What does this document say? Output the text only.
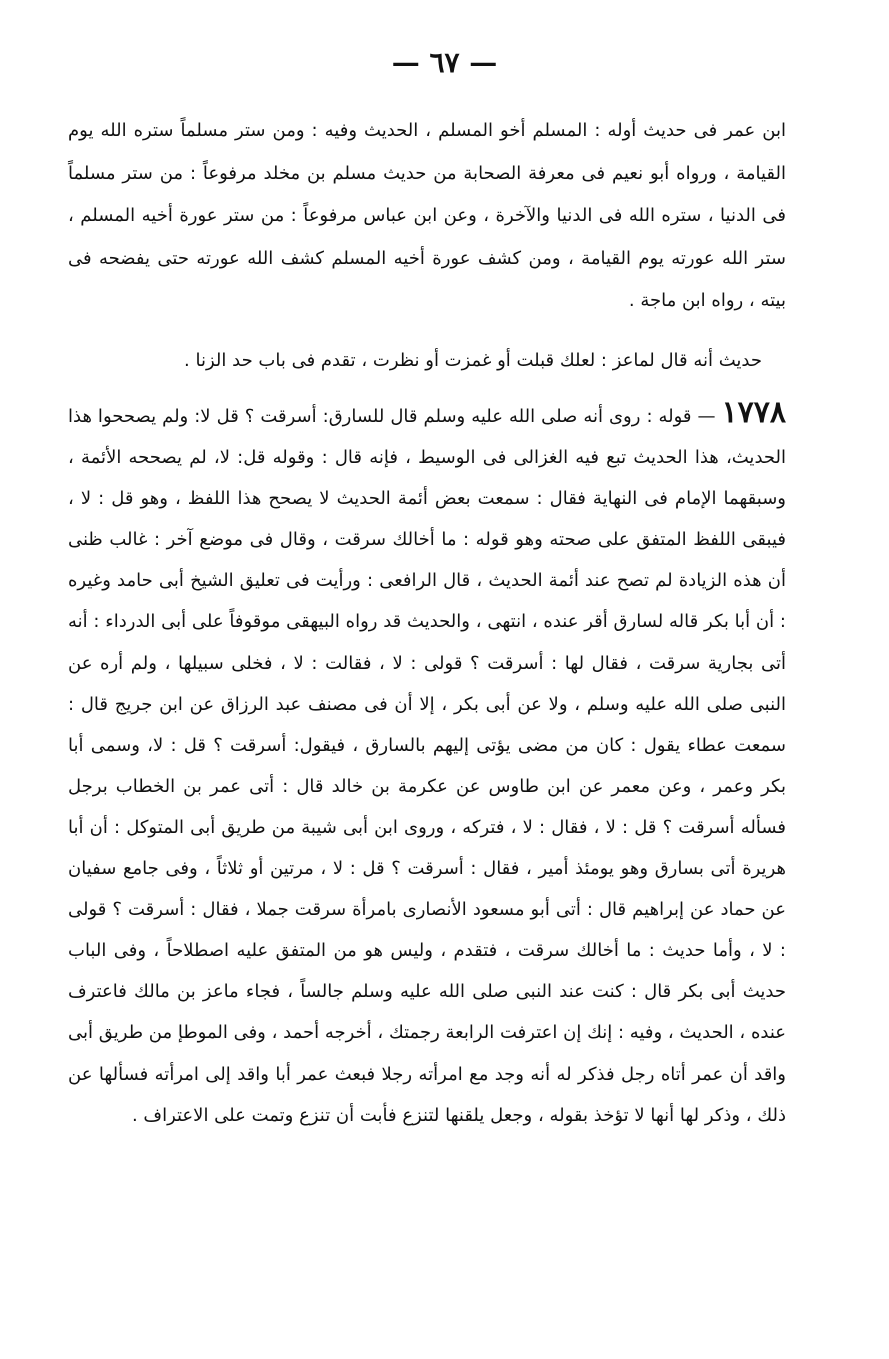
— ٦٧ —

ابن عمر فى حديث أوله : المسلم أخو المسلم ، الحديث وفيه : ومن ستر مسلماً ستره الله يوم القيامة ، ورواه أبو نعيم فى معرفة الصحابة من حديث مسلم بن مخلد مرفوعاً : من ستر مسلماً فى الدنيا ، ستره الله فى الدنيا والآخرة ، وعن ابن عباس مرفوعاً : من ستر عورة أخيه المسلم ، ستر الله عورته يوم القيامة ، ومن كشف عورة أخيه المسلم كشف الله عورته حتى يفضحه فى بيته ، رواه ابن ماجة .

حديث أنه قال لماعز : لعلك قبلت أو غمزت أو نظرت ، تقدم فى باب حد الزنا .

١٧٧٨—قوله : روى أنه صلى الله عليه وسلم قال للسارق: أسرقت ؟ قل لا: ولم يصححوا هذا الحديث، هذا الحديث تبع فيه الغزالى فى الوسيط ، فإنه قال : وقوله قل: لا، لم يصححه الأئمة ، وسبقهما الإمام فى النهاية فقال : سمعت بعض أئمة الحديث لا يصحح هذا اللفظ ، وهو قل : لا ، فيبقى اللفظ المتفق على صحته وهو قوله : ما أخالك سرقت ، وقال فى موضع آخر : غالب ظنى أن هذه الزيادة لم تصح عند أئمة الحديث ، قال الرافعى : ورأيت فى تعليق الشيخ أبى حامد وغيره : أن أبا بكر قاله لسارق أقر عنده ، انتهى ، والحديث قد رواه البيهقى موقوفاً على أبى الدرداء : أنه أتى بجارية سرقت ، فقال لها : أسرقت ؟ قولى : لا ، فقالت : لا ، فخلى سبيلها ، ولم أره عن النبى صلى الله عليه وسلم ، ولا عن أبى بكر ، إلا أن فى مصنف عبد الرزاق عن ابن جريج قال : سمعت عطاء يقول : كان من مضى يؤتى إليهم بالسارق ، فيقول: أسرقت ؟ قل : لا، وسمى أبا بكر وعمر ، وعن معمر عن ابن طاوس عن عكرمة بن خالد قال : أتى عمر بن الخطاب برجل فسأله أسرقت ؟ قل : لا ، فقال : لا ، فتركه ، وروى ابن أبى شيبة من طريق أبى المتوكل : أن أبا هريرة أتى بسارق وهو يومئذ أمير ، فقال : أسرقت ؟ قل : لا ، مرتين أو ثلاثاً ، وفى جامع سفيان عن حماد عن إبراهيم قال : أتى أبو مسعود الأنصارى بامرأة سرقت جملا ، فقال : أسرقت ؟ قولى : لا ، وأما حديث : ما أخالك سرقت ، فتقدم ، وليس هو من المتفق عليه اصطلاحاً ، وفى الباب حديث أبى بكر قال : كنت عند النبى صلى الله عليه وسلم جالساً ، فجاء ماعز بن مالك فاعترف عنده ، الحديث ، وفيه : إنك إن اعترفت الرابعة رجمتك ، أخرجه أحمد ، وفى الموطإ من طريق أبى واقد أن عمر أتاه رجل فذكر له أنه وجد مع امرأته رجلا فبعث عمر أبا واقد إلى امرأته فسألها عن ذلك ، وذكر لها أنها لا تؤخذ بقوله ، وجعل يلقنها لتنزع فأبت أن تنزع وتمت على الاعتراف .
